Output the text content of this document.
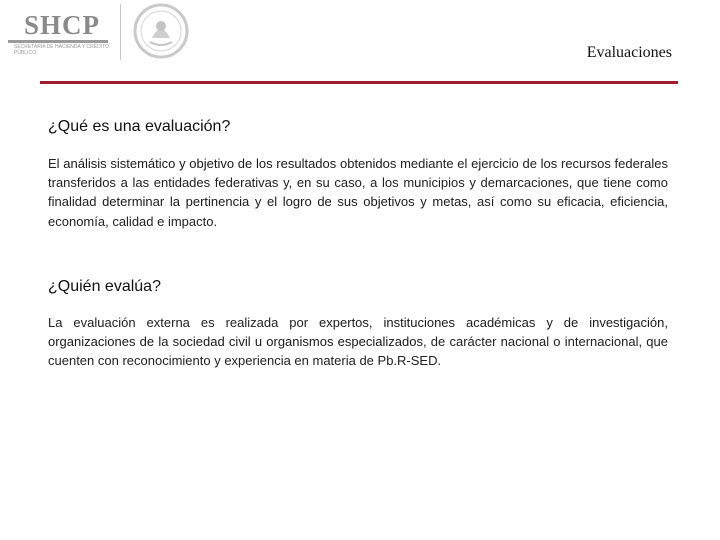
SHCP
SECRETARÍA DE HACIENDA Y CRÉDITO PÚBLICO	Evaluaciones
¿Qué es una evaluación?

El análisis sistemático y objetivo de los resultados obtenidos mediante el ejercicio de los recursos federales transferidos a las entidades federativas y, en su caso, a los municipios y demarcaciones, que tiene como finalidad determinar la pertinencia y el logro de sus objetivos y metas, así como su eficacia, eficiencia, economía, calidad e impacto.

¿Quién evalúa?

La evaluación externa es realizada por expertos, instituciones académicas y de investigación, organizaciones de la sociedad civil u organismos especializados, de carácter nacional o internacional, que cuenten con reconocimiento y experiencia en materia de Pb.R-SED.
